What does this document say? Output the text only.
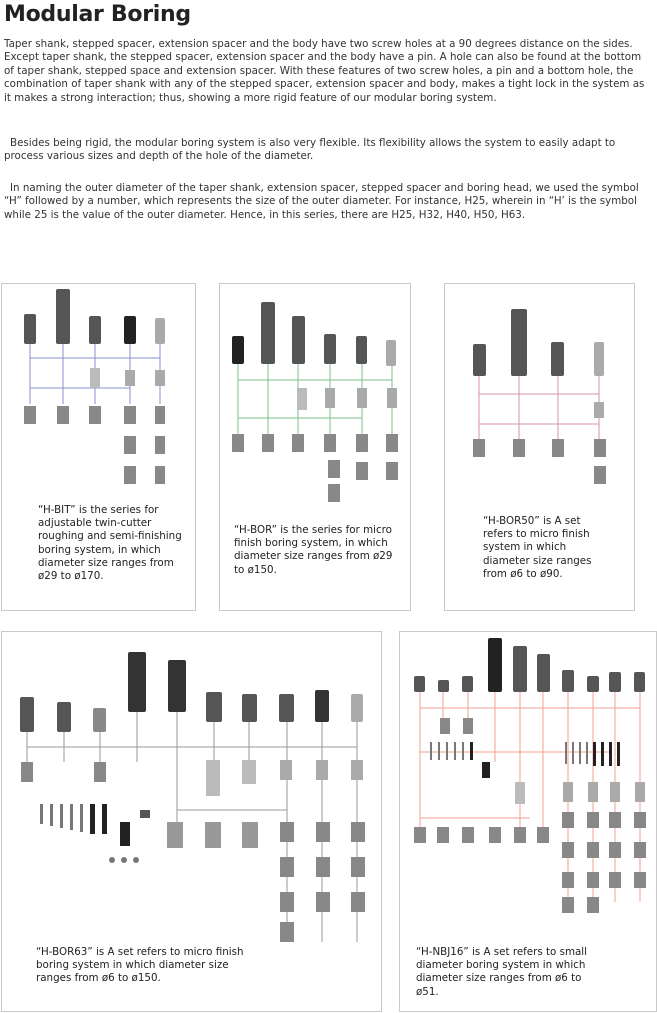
Modular Boring

Taper shank, stepped spacer, extension spacer and the body have two screw holes at a 90 degrees distance on the sides. Except taper shank, the stepped spacer, extension spacer and the body have a pin. A hole can also be found at the bottom of taper shank, stepped space and extension spacer. With these features of two screw holes, a pin and a bottom hole, the combination of taper shank with any of the stepped spacer, extension spacer and body, makes a tight lock in the system as it makes a strong interaction; thus, showing a more rigid feature of our modular boring system.

Besides being rigid, the modular boring system is also very flexible. Its flexibility allows the system to easily adapt to process various sizes and depth of the hole of the diameter.

In naming the outer diameter of the taper shank, extension spacer, stepped spacer and boring head, we used the symbol “H” followed by a number, which represents the size of the outer diameter. For instance, H25, wherein in “H’ is the symbol while 25 is the value of the outer diameter. Hence, in this series, there are H25, H32, H40, H50, H63.

“H-BIT” is the series for adjustable twin-cutter roughing and semi-finishing boring system, in which diameter size ranges from ø29 to ø170.

“H-BOR” is the series for micro finish boring system, in which diameter size ranges from ø29 to ø150.

“H-BOR50” is A set refers to micro finish system in which diameter size ranges from ø6 to ø90.

“H-BOR63” is A set refers to micro finish boring system in which diameter size ranges from ø6 to ø150.

“H-NBJ16” is A set refers to small diameter boring system in which diameter size ranges from ø6 to ø51.
